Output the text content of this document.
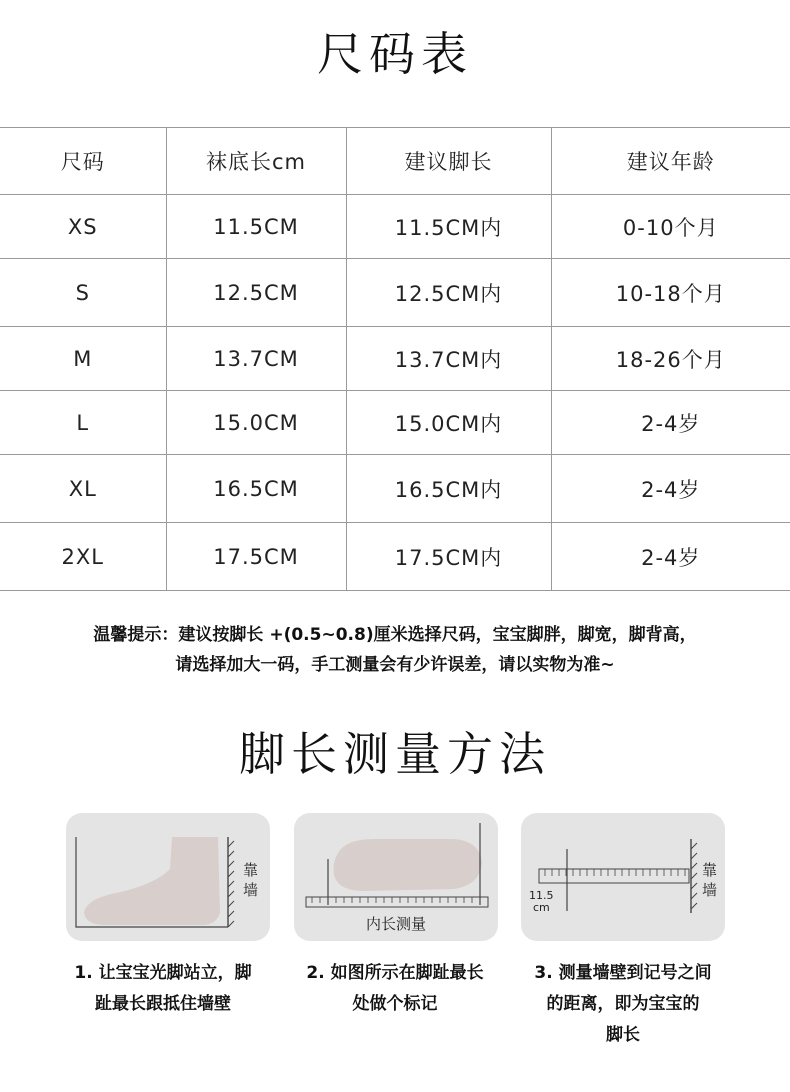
尺码表
尺码	袜底长cm	建议脚长	建议年龄
XS	11.5CM	11.5CM内	0-10个月
S	12.5CM	12.5CM内	10-18个月
M	13.7CM	13.7CM内	18-26个月
L	15.0CM	15.0CM内	2-4岁
XL	16.5CM	16.5CM内	2-4岁
2XL	17.5CM	17.5CM内	2-4岁
温馨提示：建议按脚长 +(0.5~0.8)厘米选择尺码，宝宝脚胖，脚宽，脚背高，
请选择加大一码，手工测量会有少许误差，请以实物为准~
脚长测量方法
靠
墙
内长测量
靠
墙
11.5
cm
1. 让宝宝光脚站立，脚
趾最长跟抵住墙壁
2. 如图所示在脚趾最长
处做个标记
3. 测量墙壁到记号之间
的距离，即为宝宝的
脚长
